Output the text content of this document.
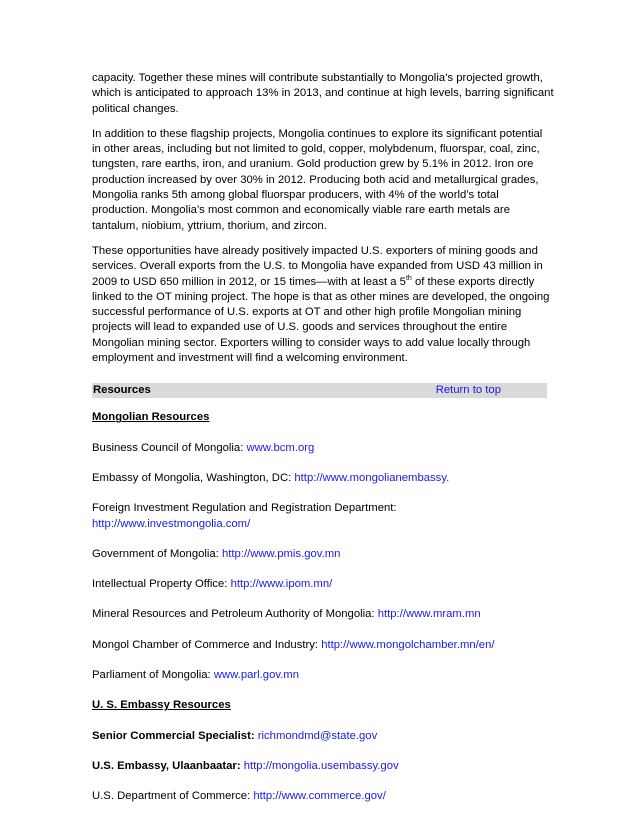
capacity. Together these mines will contribute substantially to Mongolia’s projected growth, which is anticipated to approach 13% in 2013, and continue at high levels, barring significant political changes.

In addition to these flagship projects, Mongolia continues to explore its significant potential in other areas, including but not limited to gold, copper, molybdenum, fluorspar, coal, zinc, tungsten, rare earths, iron, and uranium. Gold production grew by 5.1% in 2012. Iron ore production increased by over 30% in 2012. Producing both acid and metallurgical grades, Mongolia ranks 5th among global fluorspar producers, with 4% of the world’s total production. Mongolia’s most common and economically viable rare earth metals are tantalum, niobium, yttrium, thorium, and zircon.

These opportunities have already positively impacted U.S. exporters of mining goods and services. Overall exports from the U.S. to Mongolia have expanded from USD 43 million in 2009 to USD 650 million in 2012, or 15 times—with at least a 5th of these exports directly linked to the OT mining project. The hope is that as other mines are developed, the ongoing successful performance of U.S. exports at OT and other high profile Mongolian mining projects will lead to expanded use of U.S. goods and services throughout the entire Mongolian mining sector. Exporters willing to consider ways to add value locally through employment and investment will find a welcoming environment.

Resources	Return to top
Mongolian Resources
Business Council of Mongolia: www.bcm.org
Embassy of Mongolia, Washington, DC: http://www.mongolianembassy.
Foreign Investment Regulation and Registration Department:
http://www.investmongolia.com/
Government of Mongolia: http://www.pmis.gov.mn
Intellectual Property Office: http://www.ipom.mn/
Mineral Resources and Petroleum Authority of Mongolia: http://www.mram.mn
Mongol Chamber of Commerce and Industry: http://www.mongolchamber.mn/en/
Parliament of Mongolia: www.parl.gov.mn
U. S. Embassy Resources
Senior Commercial Specialist: richmondmd@state.gov
U.S. Embassy, Ulaanbaatar: http://mongolia.usembassy.gov
U.S. Department of Commerce: http://www.commerce.gov/
